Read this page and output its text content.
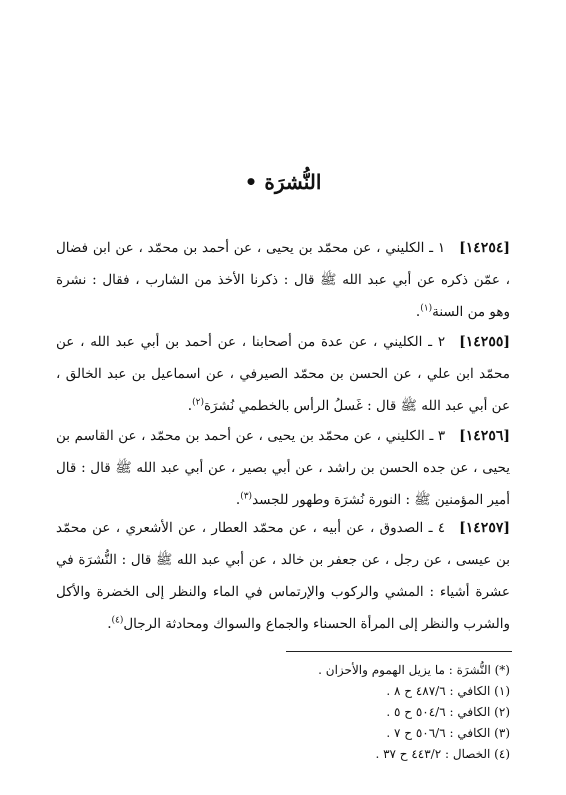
النُّشرَة •
[١٤٢٥٤]١ ـ الكليني ، عن محمّد بن يحيى ، عن أحمد بن محمّد ، عن ابن فضال ، عمّن ذكره عن أبي عبد الله ﷺ قال : ذكرنا الأخذ من الشارب ، فقال : نشرة وهو من السنة$^{(١)}$.
[١٤٢٥٥]٢ ـ الكليني ، عن عدة من أصحابنا ، عن أحمد بن أبي عبد الله ، عن محمّد ابن علي ، عن الحسن بن محمّد الصيرفي ، عن اسماعيل بن عبد الخالق ، عن أبي عبد الله ﷺ قال : غَسلُ الرأس بالخطمي نُشرَة$^{(٢)}$.
[١٤٢٥٦]٣ ـ الكليني ، عن محمّد بن يحيى ، عن أحمد بن محمّد ، عن القاسم بن يحيى ، عن جده الحسن بن راشد ، عن أبي بصير ، عن أبي عبد الله ﷺ قال : قال أمير المؤمنين ﷺ : النورة نُشرَة وطهور للجسد$^{(٣)}$.
[١٤٢٥٧]٤ ـ الصدوق ، عن أبيه ، عن محمّد العطار ، عن الأشعري ، عن محمّد بن عيسى ، عن رجل ، عن جعفر بن خالد ، عن أبي عبد الله ﷺ قال : النُّشرَة في عشرة أشياء : المشي والركوب والإرتماس في الماء والنظر إلى الخضرة والأكل والشرب والنظر إلى المرأة الحسناء والجماع والسواك ومحادثة الرجال$^{(٤)}$.
(*) النُّشرَة : ما يزيل الهموم والأحزان .
(١) الكافي : ٤٨٧/٦ ح ٨ .
(٢) الكافي : ٥٠٤/٦ ح ٥ .
(٣) الكافي : ٥٠٦/٦ ح ٧ .
(٤) الخصال : ٤٤٣/٢ ح ٣٧ .
